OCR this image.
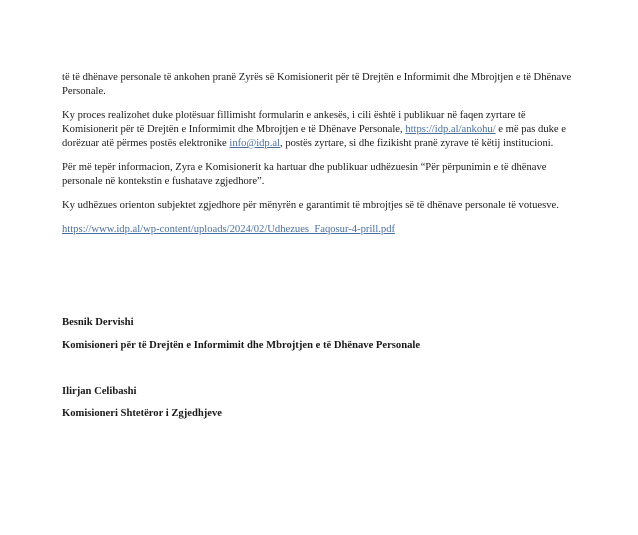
të të dhënave personale të ankohen pranë Zyrës së Komisionerit për të Drejtën e Informimit dhe Mbrojtjen e të Dhënave Personale.

Ky proces realizohet duke plotësuar fillimisht formularin e ankesës, i cili është i publikuar në faqen zyrtare të Komisionerit për të Drejtën e Informimit dhe Mbrojtjen e të Dhënave Personale, https://idp.al/ankohu/ e më pas duke e dorëzuar atë përmes postës elektronike info@idp.al, postës zyrtare, si dhe fizikisht pranë zyrave të këtij institucioni.

Për më tepër informacion, Zyra e Komisionerit ka hartuar dhe publikuar udhëzuesin “Për përpunimin e të dhënave personale në kontekstin e fushatave zgjedhore”.

Ky udhëzues orienton subjektet zgjedhore për mënyrën e garantimit të mbrojtjes së të dhënave personale të votuesve.

https://www.idp.al/wp-content/uploads/2024/02/Udhezues_Faqosur-4-prill.pdf

Besnik Dervishi
Komisioneri për të Drejtën e Informimit dhe Mbrojtjen e të Dhënave Personale
Ilirjan Celibashi
Komisioneri Shtetëror i Zgjedhjeve
